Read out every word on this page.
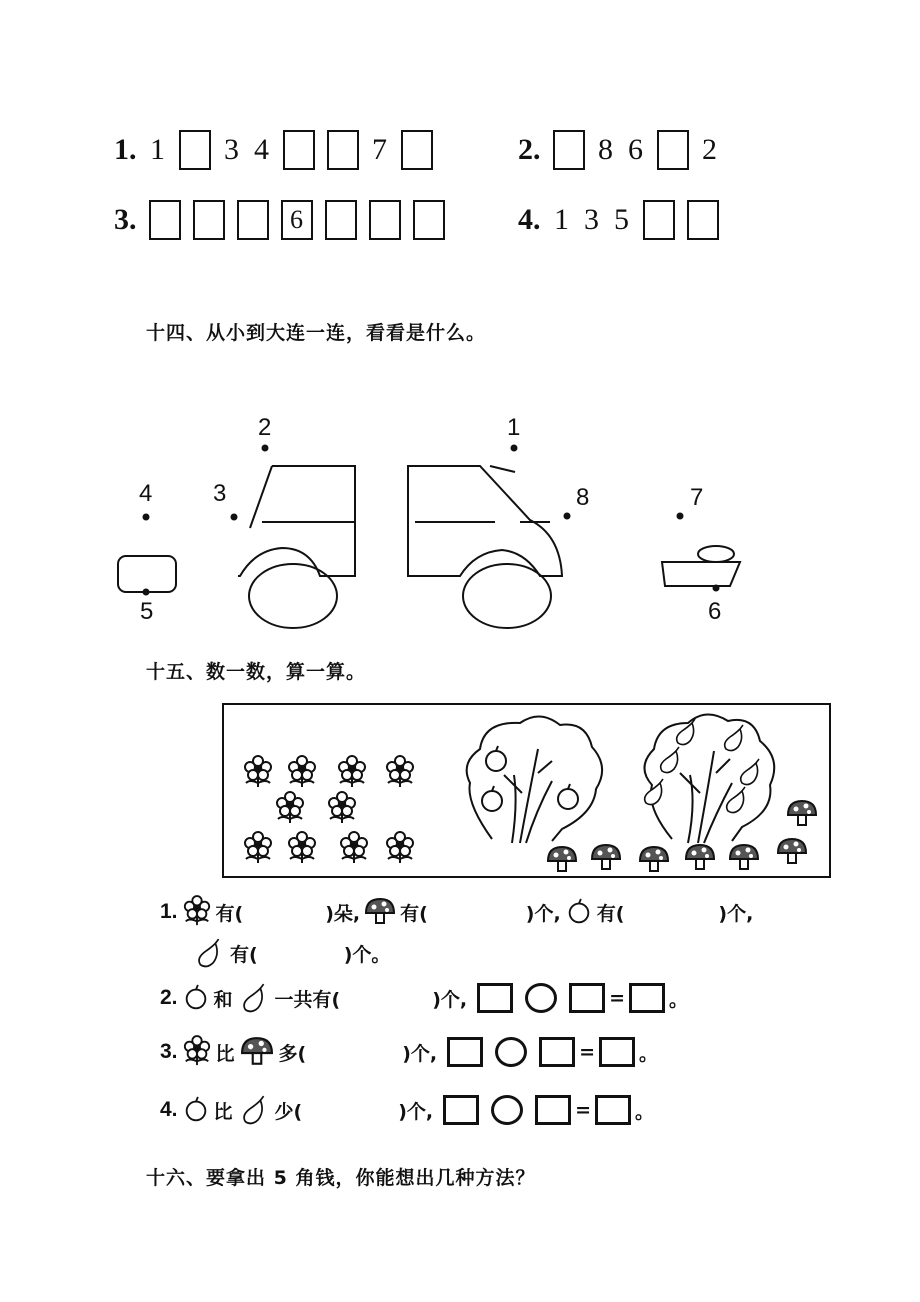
1. 1 3 4	7	2. 8 6 2
3.	6	4. 1 3 5
十四、从小到大连一连，看看是什么。
1
2
3
4
5	6
7
8
十五、数一数，算一算。
1. 有(	)朵, 有(	)个, 有(	)个,
有(	)个。
2. 和 一共有(	)个,	= 。
3. 比 多(	)个,	= 。
4. 比 少(	)个,	= 。
十六、要拿出 5 角钱，你能想出几种方法？
